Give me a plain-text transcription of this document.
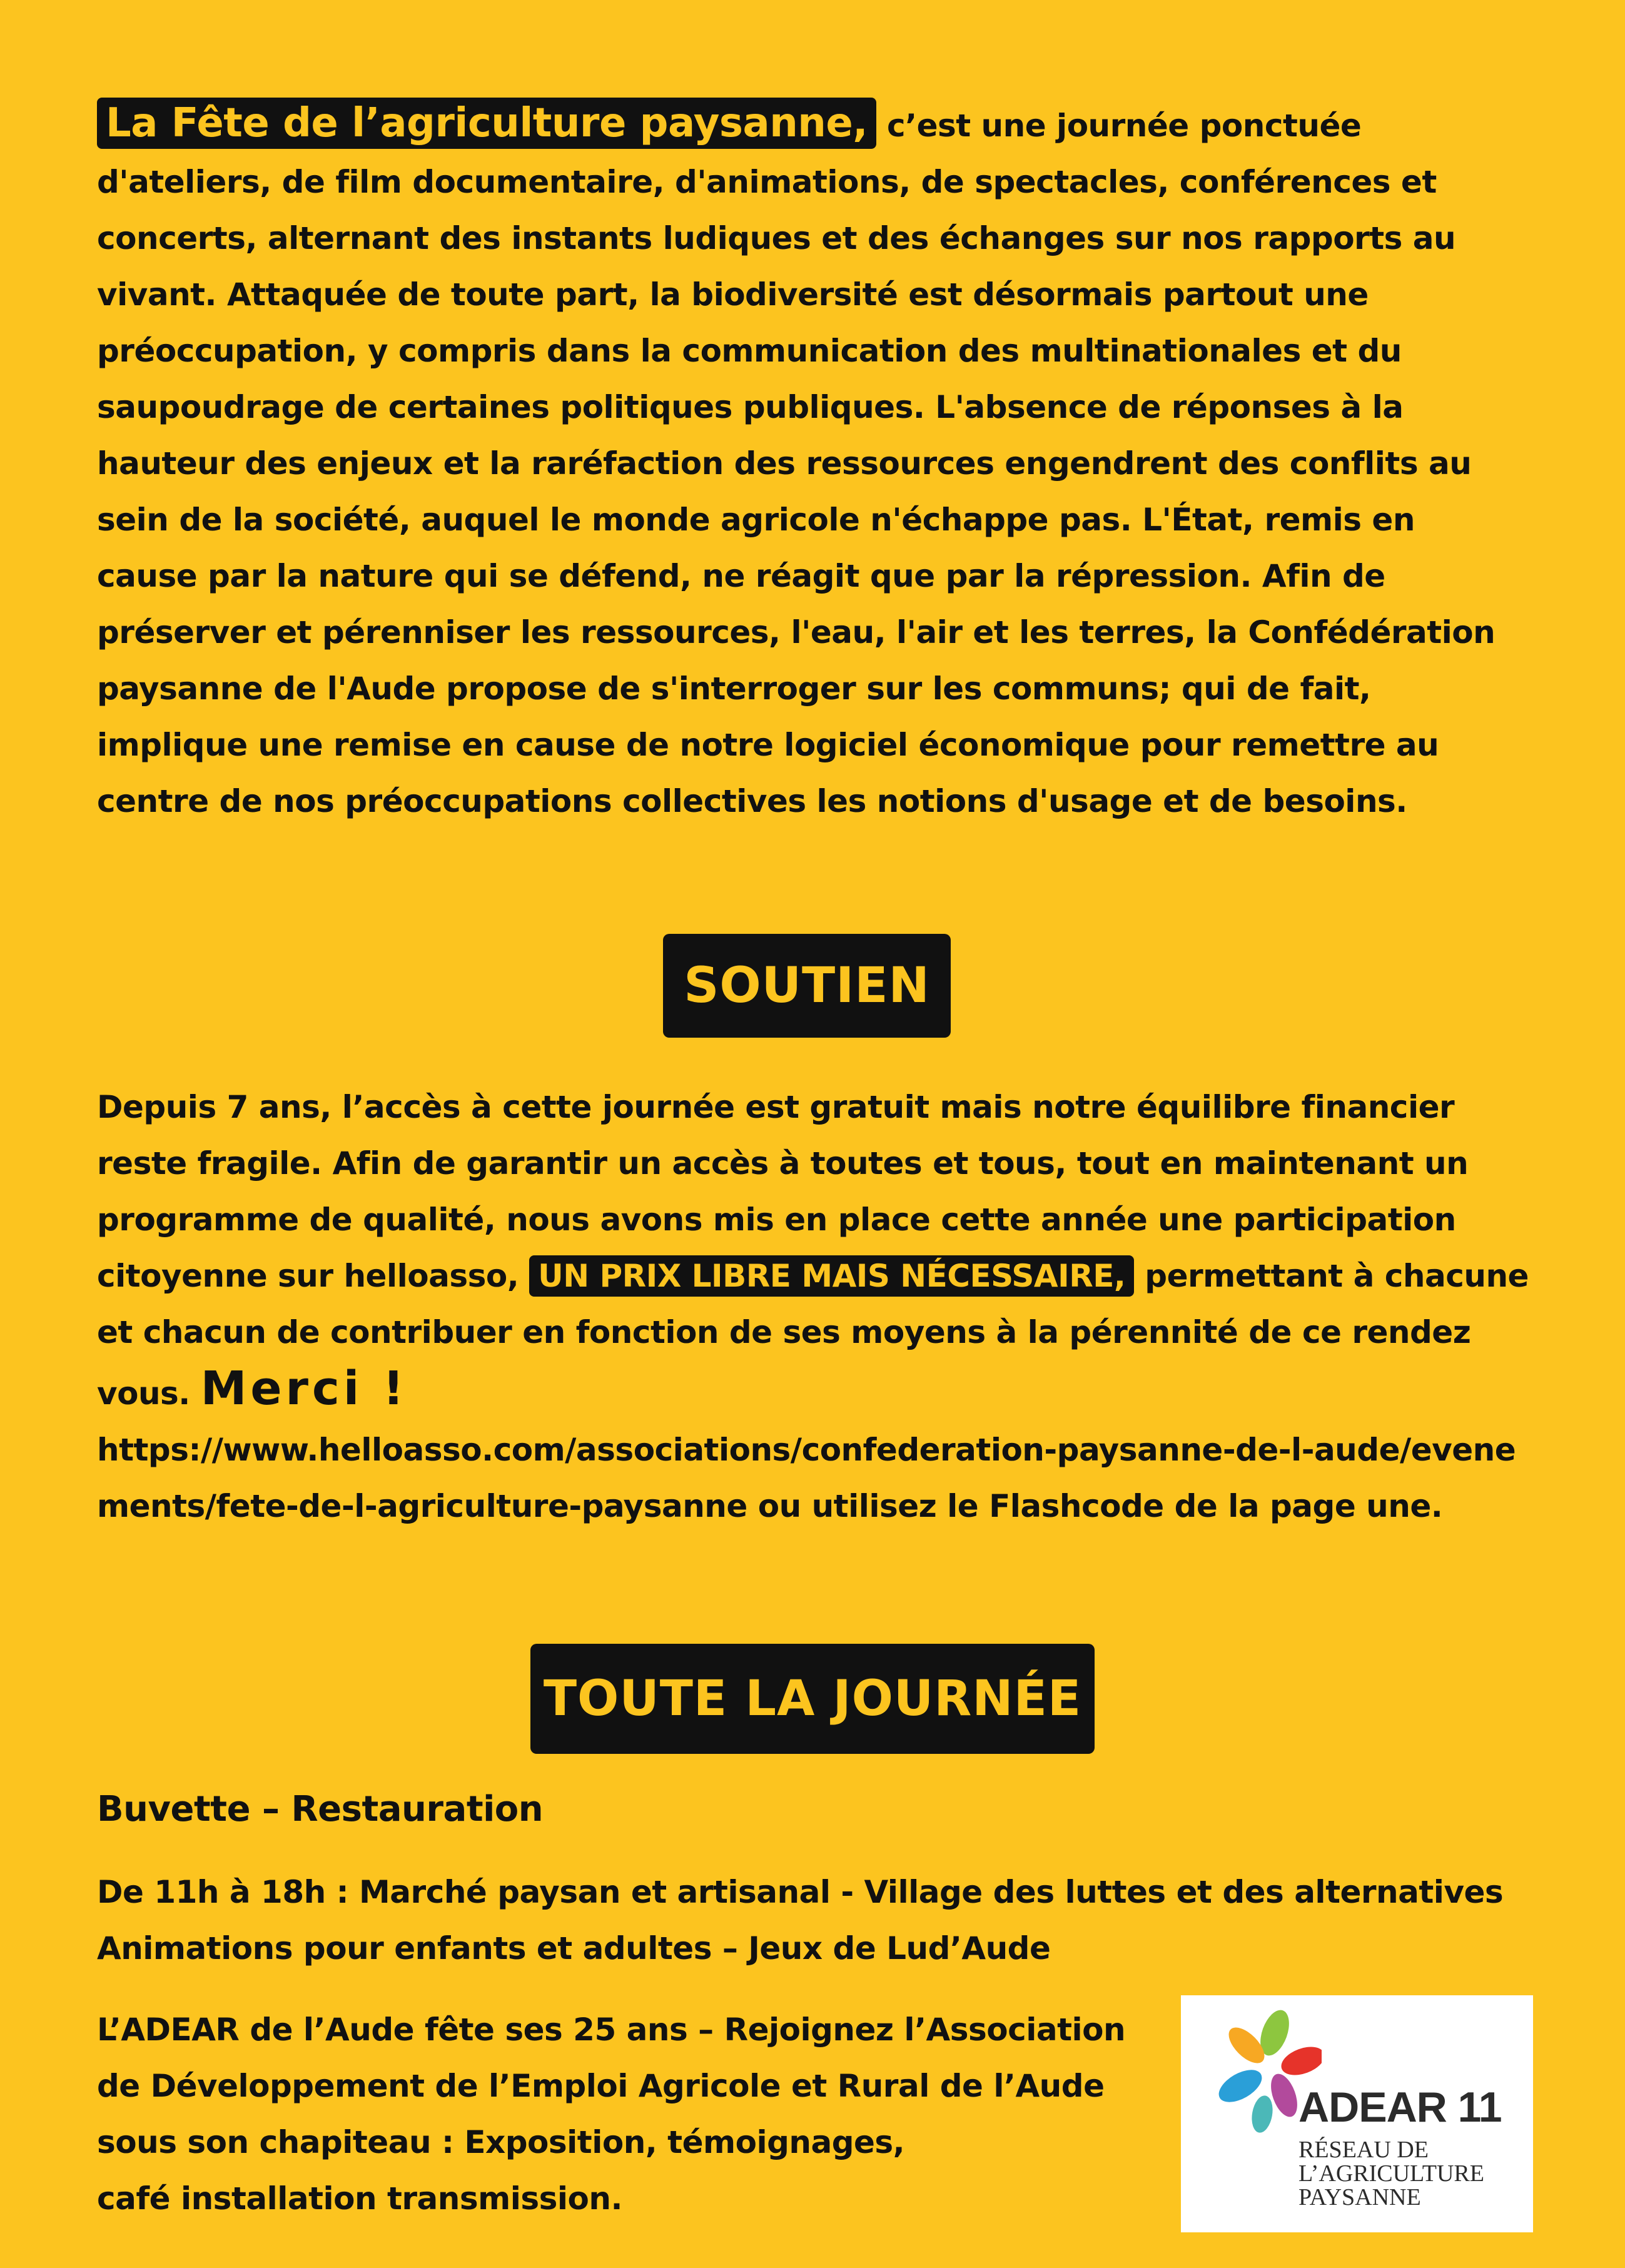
La Fête de l’agriculture paysanne, c’est une journée ponctuée
d'ateliers, de film documentaire, d'animations, de spectacles, conférences et
concerts, alternant des instants ludiques et des échanges sur nos rapports au
vivant. Attaquée de toute part, la biodiversité est désormais partout une
préoccupation, y compris dans la communication des multinationales et du
saupoudrage de certaines politiques publiques. L'absence de réponses à la
hauteur des enjeux et la raréfaction des ressources engendrent des conflits au
sein de la société, auquel le monde agricole n'échappe pas. L'État, remis en
cause par la nature qui se défend, ne réagit que par la répression. Afin de
préserver et pérenniser les ressources, l'eau, l'air et les terres, la Confédération
paysanne de l'Aude propose de s'interroger sur les communs; qui de fait,
implique une remise en cause de notre logiciel économique pour remettre au
centre de nos préoccupations collectives les notions d'usage et de besoins.
SOUTIEN
Depuis 7 ans, l’accès à cette journée est gratuit mais notre équilibre financier
reste fragile. Afin de garantir un accès à toutes et tous, tout en maintenant un
programme de qualité, nous avons mis en place cette année une participation
citoyenne sur helloasso, UN PRIX LIBRE MAIS NÉCESSAIRE, permettant à chacune
et chacun de contribuer en fonction de ses moyens à la pérennité de ce rendez
vous. Merci !
https://www.helloasso.com/associations/confederation-paysanne-de-l-aude/evene
ments/fete-de-l-agriculture-paysanne ou utilisez le Flashcode de la page une.
TOUTE LA JOURNÉE
Buvette – Restauration
De 11h à 18h : Marché paysan et artisanal - Village des luttes et des alternatives
Animations pour enfants et adultes – Jeux de Lud’Aude
L’ADEAR de l’Aude fête ses 25 ans – Rejoignez l’Association
de Développement de l’Emploi Agricole et Rural de l’Aude
sous son chapiteau : Exposition, témoignages,
café installation transmission.
ADEAR 11
RÉSEAU DE
L’AGRICULTURE
PAYSANNE
